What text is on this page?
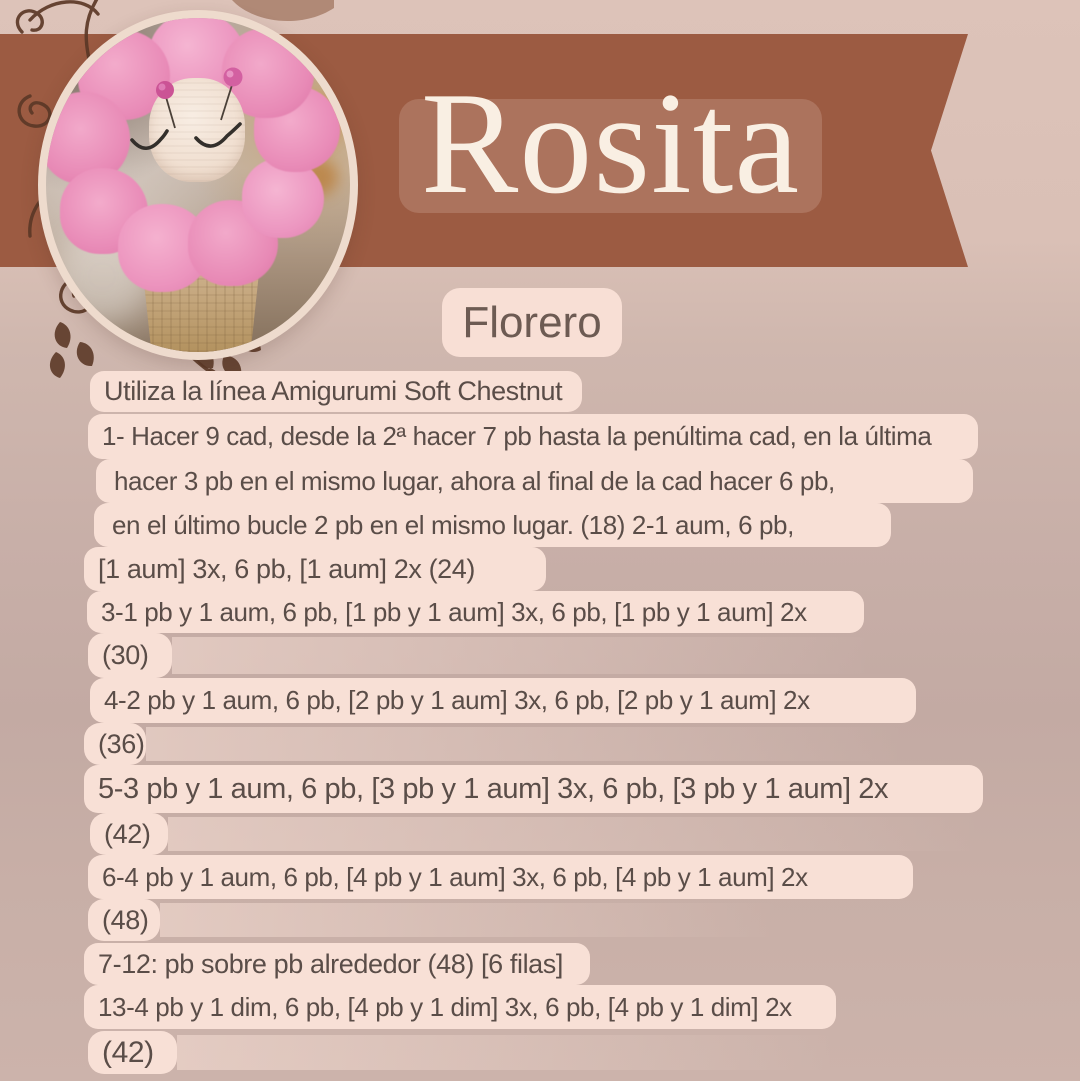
Rosita
Florero
Utiliza la línea Amigurumi Soft Chestnut
1- Hacer 9 cad, desde la 2ª hacer 7 pb hasta la penúltima cad, en la última
hacer 3 pb en el mismo lugar, ahora al final de la cad hacer 6 pb,
en el último bucle 2 pb en el mismo lugar. (18) 2-1 aum, 6 pb,
[1 aum] 3x, 6 pb, [1 aum] 2x (24)
3-1 pb y 1 aum, 6 pb, [1 pb y 1 aum] 3x, 6 pb, [1 pb y 1 aum] 2x
(30)
4-2 pb y 1 aum, 6 pb, [2 pb y 1 aum] 3x, 6 pb, [2 pb y 1 aum] 2x
(36)
5-3 pb y 1 aum, 6 pb, [3 pb y 1 aum] 3x, 6 pb, [3 pb y 1 aum] 2x
(42)
6-4 pb y 1 aum, 6 pb, [4 pb y 1 aum] 3x, 6 pb, [4 pb y 1 aum] 2x
(48)
7-12: pb sobre pb alrededor (48) [6 filas]
13-4 pb y 1 dim, 6 pb, [4 pb y 1 dim] 3x, 6 pb, [4 pb y 1 dim] 2x
(42)
